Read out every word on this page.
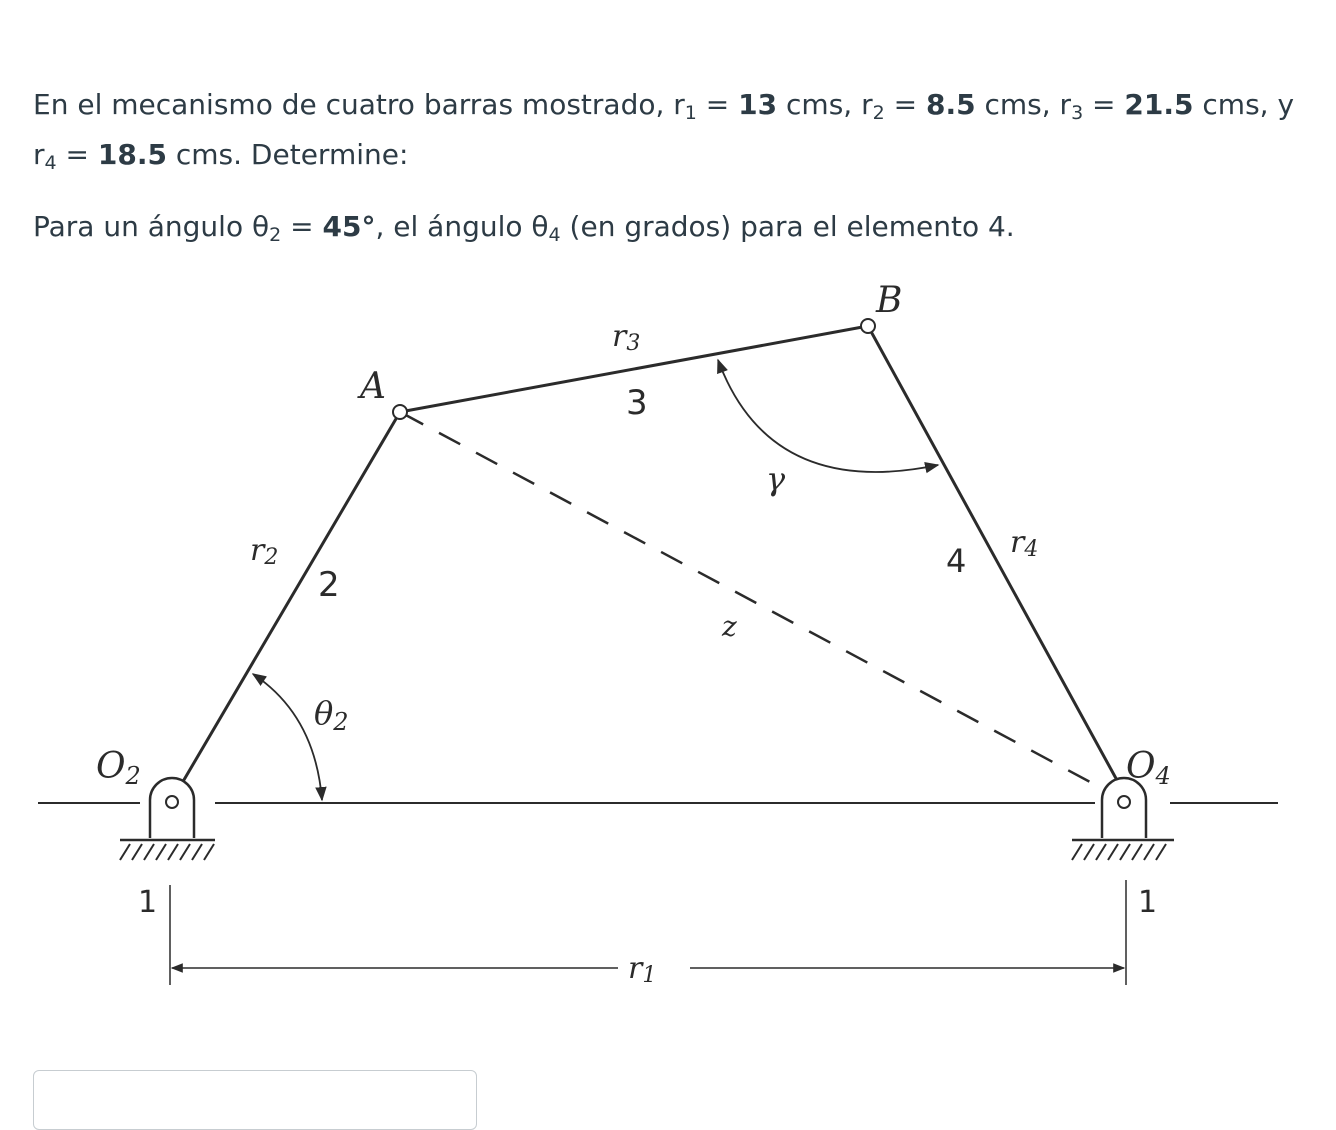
En el mecanismo de cuatro barras mostrado, $r_1 = 13$ cms, $r_2 = 8.5$ cms, $r_3 = 21.5$ cms, y $r_4 = 18.5$ cms. Determine:

Para un ángulo $\theta_2 = 45^\circ$, el ángulo $\theta_4$ (en grados) para el elemento 4.

A
B
O2	O4
r2
r3
r4
r1
2
3
4
1	1
z
γ
θ2
